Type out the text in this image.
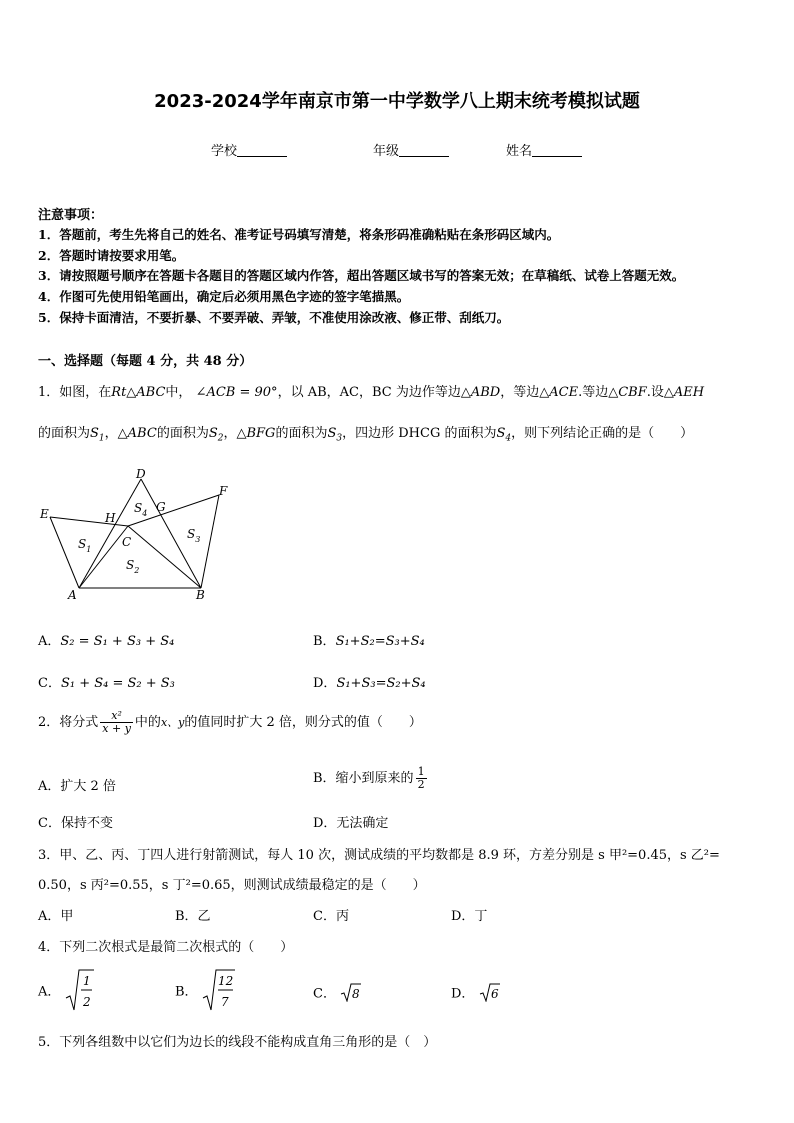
2023-2024学年南京市第一中学数学八上期末统考模拟试题
学校	年级	姓名
注意事项：
1．答题前，考生先将自己的姓名、准考证号码填写清楚，将条形码准确粘贴在条形码区域内。
2．答题时请按要求用笔。
3．请按照题号顺序在答题卡各题目的答题区域内作答，超出答题区域书写的答案无效；在草稿纸、试卷上答题无效。
4．作图可先使用铅笔画出，确定后必须用黑色字迹的签字笔描黑。
5．保持卡面清洁，不要折暴、不要弄破、弄皱，不准使用涂改液、修正带、刮纸刀。
一、选择题（每题 4 分，共 48 分）
1．如图，在Rt△ABC中， ∠ACB = 90°，以 AB，AC，BC 为边作等边△ABD，等边△ACE.等边△CBF.设△AEH
的面积为$S_1$，△ABC的面积为$S_2$，△BFG的面积为$S_3$，四边形 DHCG 的面积为$S_4$，则下列结论正确的是（　　）
D
E
F
H
G
C
A	B
$S_1$
$S_2$
$S_3$
$S_4$
A．S₂ = S₁ + S₃ + S₄	B．S₁+S₂=S₃+S₄
C．S₁ + S₄ = S₂ + S₃	D．S₁+S₃=S₂+S₄
2．将分式 $\frac{\text{x²}}{x + y}$ 中的x、y的值同时扩大 2 倍，则分式的值（　　）
A．扩大 2 倍
B．缩小到原来的 $\frac{1}{2}$
C．保持不变	D．无法确定
3．甲、乙、丙、丁四人进行射箭测试，每人 10 次，测试成绩的平均数都是 8.9 环，方差分别是 s 甲²=0.45，s 乙²=
0.50，s 丙²=0.55，s 丁²=0.65，则测试成绩最稳定的是（　　）
A．甲	B．乙	C．丙	D．丁
4．下列二次根式是最简二次根式的（　　）
A．
1
2
B．
12
7
C． 8	D． 6
5．下列各组数中以它们为边长的线段不能构成直角三角形的是（　）
